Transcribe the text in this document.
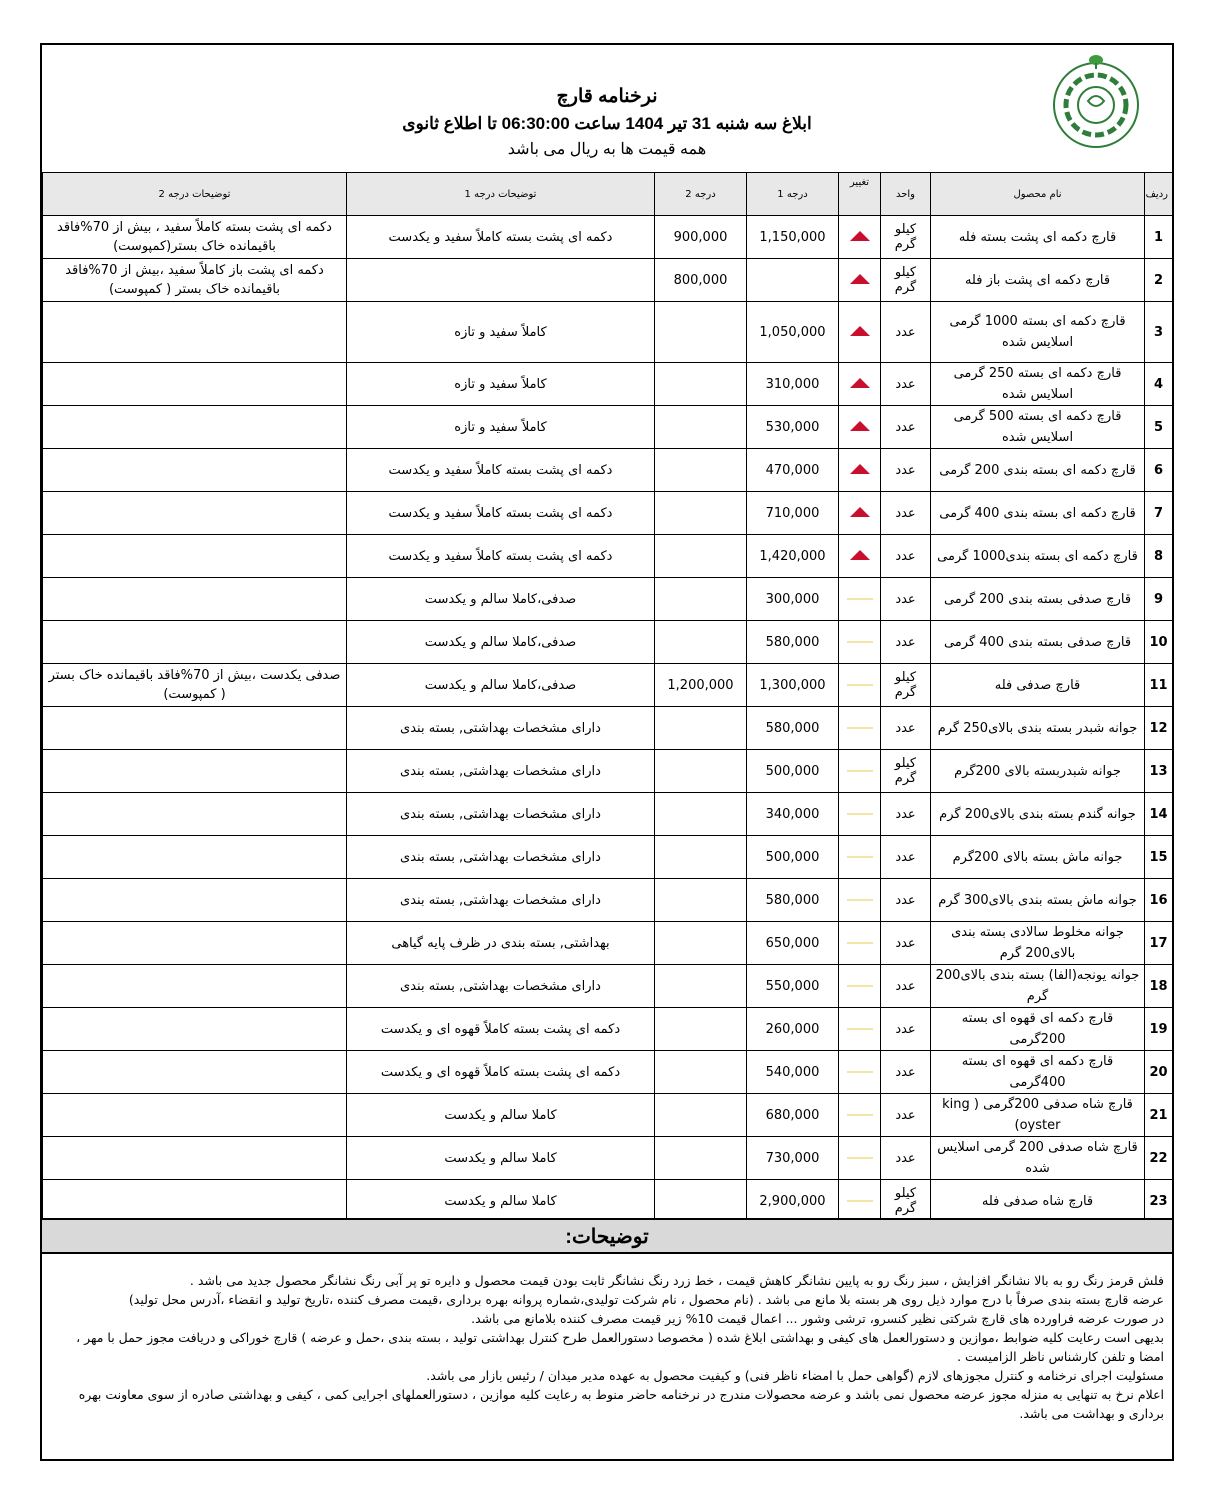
نرخنامه قارچ
ابلاغ سه شنبه 31 تیر 1404 ساعت 06:30:00 تا اطلاع ثانوی
همه قیمت ها به ریال می باشد
ردیف	نام محصول	واحد	تغییر	درجه 1	درجه 2	توضیحات درجه 1	توضیحات درجه 2
1	قارچ دکمه ای پشت بسته فله	کیلو گرم		1,150,000	900,000	دکمه ای پشت بسته کاملاً سفید و یکدست	دکمه ای پشت بسته کاملاً سفید ، بیش از 70%فاقد باقیمانده خاک بستر(کمپوست)
2	قارچ دکمه ای پشت باز فله	کیلو گرم			800,000		دکمه ای پشت باز کاملاً سفید ،بیش از 70%فاقد باقیمانده خاک بستر ( کمپوست)
3	قارچ دکمه ای بسته 1000 گرمی اسلایس شده	عدد		1,050,000		کاملاً سفید و تازه	
4	قارچ دکمه ای بسته 250 گرمی اسلایس شده	عدد		310,000		کاملاً سفید و تازه	
5	قارچ دکمه ای بسته 500 گرمی اسلایس شده	عدد		530,000		کاملاً سفید و تازه	
6	قارچ دکمه ای بسته بندی 200 گرمی	عدد		470,000		دکمه ای پشت بسته کاملاً سفید و یکدست	
7	قارچ دکمه ای بسته بندی 400 گرمی	عدد		710,000		دکمه ای پشت بسته کاملاً سفید و یکدست	
8	قارچ دکمه ای بسته بندی1000 گرمی	عدد		1,420,000		دکمه ای پشت بسته کاملاً سفید و یکدست	
9	قارچ صدفی بسته بندی 200 گرمی	عدد		300,000		صدفی،کاملا سالم و یکدست	
10	قارچ صدفی بسته بندی 400 گرمی	عدد		580,000		صدفی،کاملا سالم و یکدست	
11	قارچ صدفی فله	کیلو گرم		1,300,000	1,200,000	صدفی،کاملا سالم و یکدست	صدفی یکدست ،بیش از 70%فاقد باقیمانده خاک بستر ( کمپوست)
12	جوانه شبدر بسته بندی بالای250 گرم	عدد		580,000		دارای مشخصات بهداشتی, بسته بندی	
13	جوانه شبدربسته بالای 200گرم	کیلو گرم		500,000		دارای مشخصات بهداشتی, بسته بندی	
14	جوانه گندم بسته بندی بالای200 گرم	عدد		340,000		دارای مشخصات بهداشتی, بسته بندی	
15	جوانه ماش بسته بالای 200گرم	عدد		500,000		دارای مشخصات بهداشتی, بسته بندی	
16	جوانه ماش بسته بندی بالای300 گرم	عدد		580,000		دارای مشخصات بهداشتی, بسته بندی	
17	جوانه مخلوط سالادی بسته بندی بالای200 گرم	عدد		650,000		بهداشتی, بسته بندی در ظرف پایه گیاهی	
18	جوانه یونجه(الفا) بسته بندی بالای200 گرم	عدد		550,000		دارای مشخصات بهداشتی, بسته بندی	
19	قارچ دکمه ای قهوه ای بسته 200گرمی	عدد		260,000		دکمه ای پشت بسته کاملاً قهوه ای و یکدست	
20	قارچ دکمه ای قهوه ای بسته 400گرمی	عدد		540,000		دکمه ای پشت بسته کاملاً قهوه ای و یکدست	
21	قارچ شاه صدفی 200گرمی ( king oyster)	عدد		680,000		کاملا سالم و یکدست	
22	قارچ شاه صدفی 200 گرمی اسلایس شده	عدد		730,000		کاملا سالم و یکدست	
23	قارچ شاه صدفی فله	کیلو گرم		2,900,000		کاملا سالم و یکدست	
توضیحات:

فلش قرمز رنگ رو به بالا نشانگر افزایش ، سبز رنگ رو به پایین نشانگر کاهش قیمت ، خط زرد رنگ نشانگر ثابت بودن قیمت محصول و دایره تو پر آبی رنگ نشانگر محصول جدید می باشد .

عرضه قارچ بسته بندی صرفاً با درج موارد ذیل روی هر بسته بلا مانع می باشد . (نام محصول ، نام شرکت تولیدی،شماره پروانه بهره برداری ،قیمت مصرف کننده ،تاریخ تولید و انقضاء ،آدرس محل تولید)

در صورت عرضه فراورده های قارچ شرکتی نظیر کنسرو، ترشی وشور ... اعمال قیمت 10% زیر قیمت مصرف کننده بلامانع می باشد.

بدیهی است رعایت کلیه ضوابط ،موازین و دستورالعمل های کیفی و بهداشتی ابلاغ شده ( مخصوصا دستورالعمل طرح کنترل بهداشتی تولید ، بسته بندی ،حمل و عرضه ) قارچ خوراکی و دریافت مجوز حمل با مهر ، امضا و تلفن کارشناس ناظر الزامیست .

مسئولیت اجرای نرخنامه و کنترل مجوزهای لازم (گواهی حمل با امضاء ناظر فنی) و کیفیت محصول به عهده مدیر میدان / رئیس بازار می باشد.

اعلام نرخ به تنهایی به منزله مجوز عرضه محصول نمی باشد و عرضه محصولات مندرج در نرخنامه حاضر منوط به رعایت کلیه موازین ، دستورالعملهای اجرایی کمی ، کیفی و بهداشتی صادره از سوی معاونت بهره برداری و بهداشت می باشد.
